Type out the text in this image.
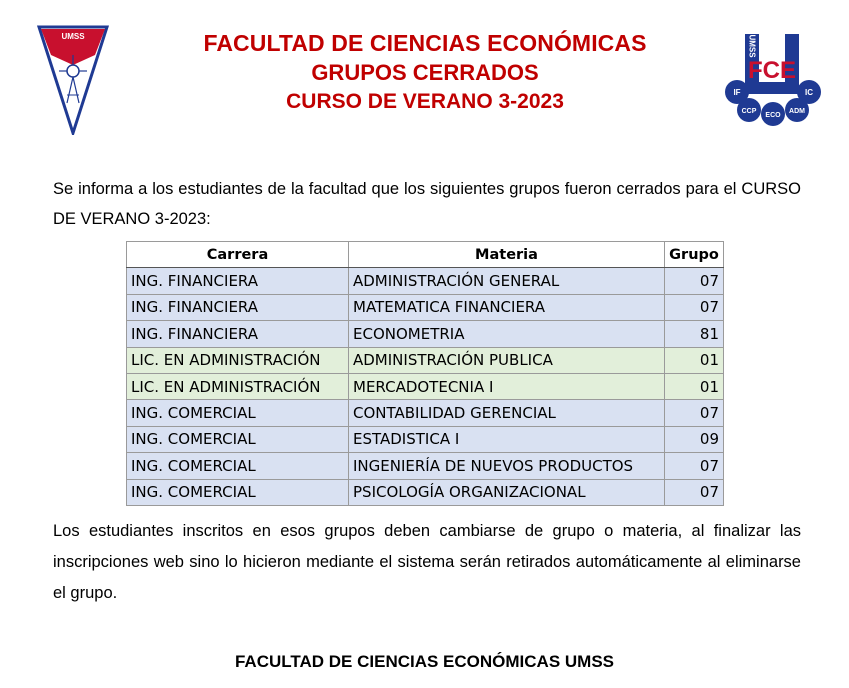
UMSS	UMSS
FCE
IF	IC
CCP	ADM
ECO
FACULTAD DE CIENCIAS ECONÓMICAS
GRUPOS CERRADOS
CURSO DE VERANO 3-2023
Se informa a los estudiantes de la facultad que los siguientes grupos fueron cerrados para el CURSO DE VERANO 3-2023:
Carrera	Materia	Grupo
ING. FINANCIERA	ADMINISTRACIÓN GENERAL	07
ING. FINANCIERA	MATEMATICA FINANCIERA	07
ING. FINANCIERA	ECONOMETRIA	81
LIC. EN ADMINISTRACIÓN	ADMINISTRACIÓN PUBLICA	01
LIC. EN ADMINISTRACIÓN	MERCADOTECNIA I	01
ING. COMERCIAL	CONTABILIDAD GERENCIAL	07
ING. COMERCIAL	ESTADISTICA I	09
ING. COMERCIAL	INGENIERÍA DE NUEVOS PRODUCTOS	07
ING. COMERCIAL	PSICOLOGÍA ORGANIZACIONAL	07
Los estudiantes inscritos en esos grupos deben cambiarse de grupo o materia, al finalizar las inscripciones web sino lo hicieron mediante el sistema serán retirados automáticamente al eliminarse el grupo.
FACULTAD DE CIENCIAS ECONÓMICAS UMSS
